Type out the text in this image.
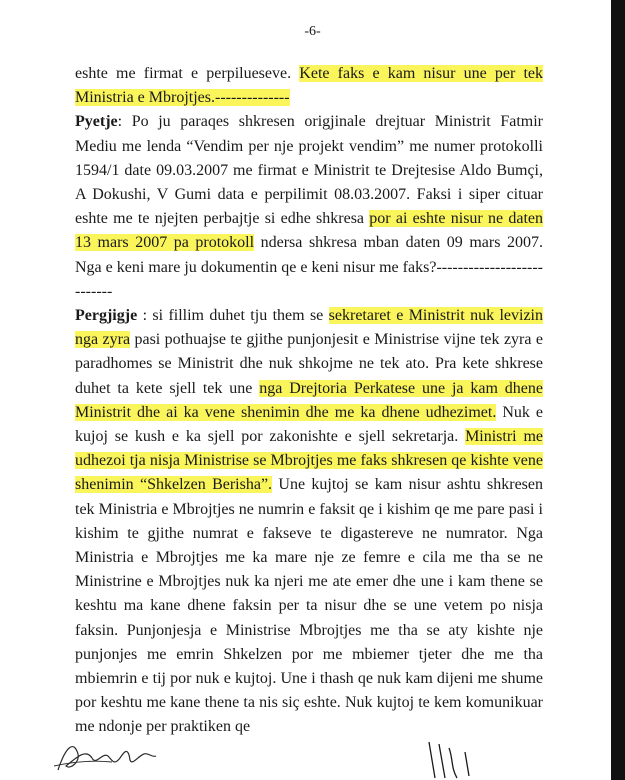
-6-

eshte me firmat e perpilueseve. Kete faks e kam nisur une per tek Ministria e Mbrojtjes.--------------

Pyetje: Po ju paraqes shkresen origjinale drejtuar Ministrit Fatmir Mediu me lenda “Vendim per nje projekt vendim” me numer protokolli 1594/1 date 09.03.2007 me firmat e Ministrit te Drejtesise Aldo Bumçi, A Dokushi, V Gumi data e perpilimit 08.03.2007. Faksi i siper cituar eshte me te njejten perbajtje si edhe shkresa por ai eshte nisur ne daten 13 mars 2007 pa protokoll ndersa shkresa mban daten 09 mars 2007. Nga e keni mare ju dokumentin qe e keni nisur me faks?---------------------------

Pergjigje : si fillim duhet tju them se sekretaret e Ministrit nuk levizin nga zyra pasi pothuajse te gjithe punjonjesit e Ministrise vijne tek zyra e paradhomes se Ministrit dhe nuk shkojme ne tek ato. Pra kete shkrese duhet ta kete sjell tek une nga Drejtoria Perkatese une ja kam dhene Ministrit dhe ai ka vene shenimin dhe me ka dhene udhezimet. Nuk e kujoj se kush e ka sjell por zakonishte e sjell sekretarja. Ministri me udhezoi tja nisja Ministrise se Mbrojtjes me faks shkresen qe kishte vene shenimin “Shkelzen Berisha”. Une kujtoj se kam nisur ashtu shkresen tek Ministria e Mbrojtjes ne numrin e faksit qe i kishim qe me pare pasi i kishim te gjithe numrat e fakseve te digastereve ne numrator. Nga Ministria e Mbrojtjes me ka mare nje ze femre e cila me tha se ne Ministrine e Mbrojtjes nuk ka njeri me ate emer dhe une i kam thene se keshtu ma kane dhene faksin per ta nisur dhe se une vetem po nisja faksin. Punjonjesja e Ministrise Mbrojtjes me tha se aty kishte nje punjonjes me emrin Shkelzen por me mbiemer tjeter dhe me tha mbiemrin e tij por nuk e kujtoj. Une i thash qe nuk kam dijeni me shume por keshtu me kane thene ta nis siç eshte. Nuk kujtoj te kem komunikuar me ndonje per praktiken qe
